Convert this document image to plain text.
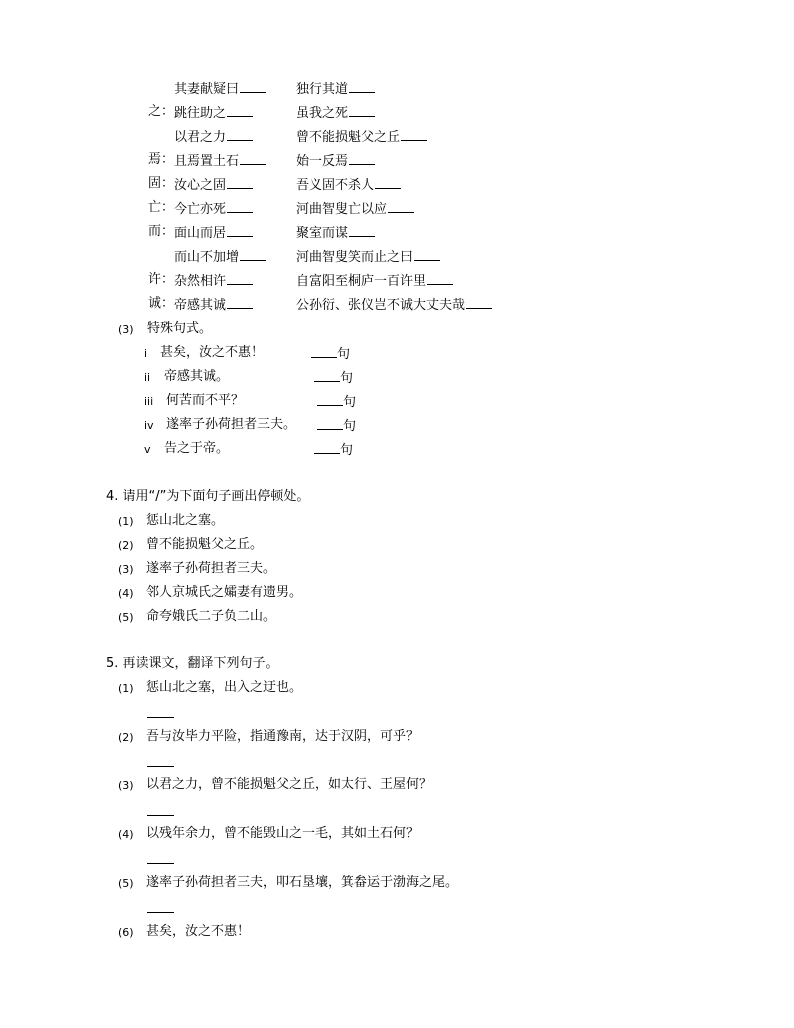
其妻献疑曰	独行其道
之： 跳往助之	虽我之死
以君之力	曾不能损魁父之丘
焉： 且焉置土石	始一反焉
固： 汝心之固	吾义固不杀人
亡： 今亡亦死	河曲智叟亡以应
而： 面山而居	聚室而谋
而山不加增	河曲智叟笑而止之曰
许： 杂然相许	自富阳至桐庐一百许里
诚： 帝感其诚	公孙衍、张仪岂不诚大丈夫哉
(3) 特殊句式。
i 甚矣，汝之不惠！	句
ii 帝感其诚。	句
iii 何苦而不平？	句
iv 遂率子孙荷担者三夫。	句
v 告之于帝。	句
4. 请用“/”为下面句子画出停顿处。
(1) 惩山北之塞。
(2) 曾不能损魁父之丘。
(3) 遂率子孙荷担者三夫。
(4) 邻人京城氏之孀妻有遗男。
(5) 命夸娥氏二子负二山。
5. 再读课文，翻译下列句子。
(1) 惩山北之塞，出入之迂也。
(2) 吾与汝毕力平险，指通豫南，达于汉阴，可乎？
(3) 以君之力，曾不能损魁父之丘，如太行、王屋何？
(4) 以残年余力，曾不能毁山之一毛，其如土石何？
(5) 遂率子孙荷担者三夫，叩石垦壤，箕畚运于渤海之尾。
(6) 甚矣，汝之不惠！
